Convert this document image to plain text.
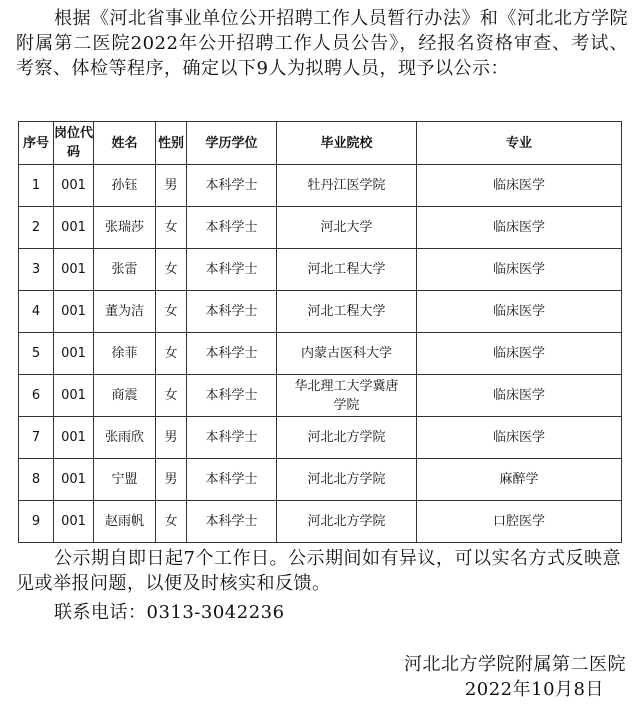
根据《河北省事业单位公开招聘工作人员暂行办法》和《河北北方学院附属第二医院2022年公开招聘工作人员公告》，经报名资格审查、考试、考察、体检等程序，确定以下9人为拟聘人员，现予以公示：

序号	岗位代码	姓名	性别	学历学位	毕业院校	专业
1	001	孙钰	男	本科学士	牡丹江医学院	临床医学
2	001	张瑞莎	女	本科学士	河北大学	临床医学
3	001	张雷	女	本科学士	河北工程大学	临床医学
4	001	董为洁	女	本科学士	河北工程大学	临床医学
5	001	徐菲	女	本科学士	内蒙古医科大学	临床医学
6	001	商震	女	本科学士	华北理工大学冀唐学院	临床医学
7	001	张雨欣	男	本科学士	河北北方学院	临床医学
8	001	宁盟	男	本科学士	河北北方学院	麻醉学
9	001	赵雨帆	女	本科学士	河北北方学院	口腔医学

公示期自即日起7个工作日。公示期间如有异议，可以实名方式反映意见或举报问题，以便及时核实和反馈。

联系电话：0313-3042236

河北北方学院附属第二医院
2022年10月8日
